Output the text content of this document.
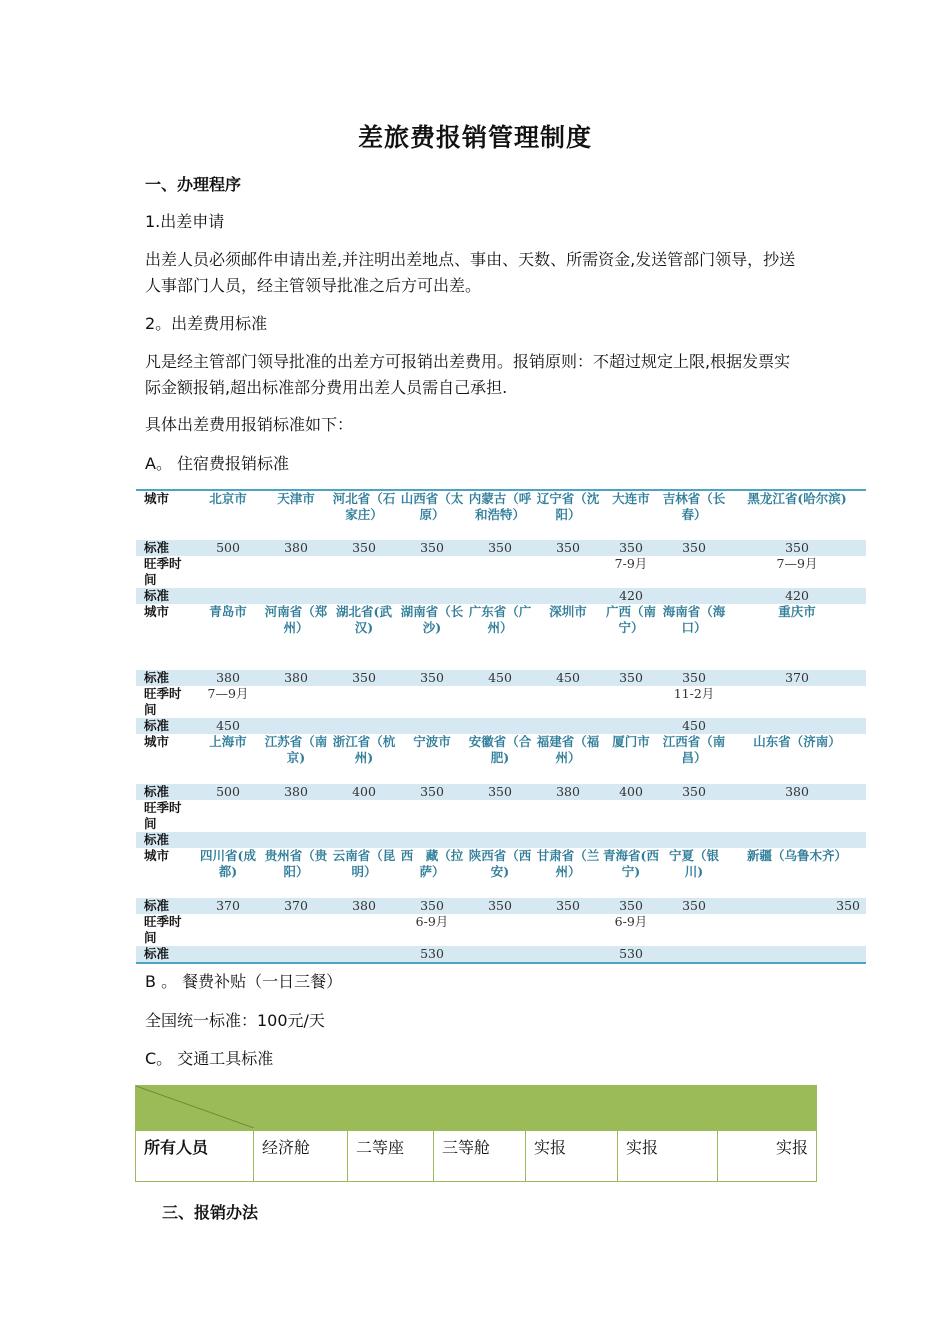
差旅费报销管理制度
一、办理程序
1.出差申请
出差人员必须邮件申请出差,并注明出差地点、事由、天数、所需资金,发送管部门领导，抄送人事部门人员，经主管领导批准之后方可出差。
2。出差费用标准
凡是经主管部门领导批准的出差方可报销出差费用。报销原则：不超过规定上限,根据发票实际金额报销,超出标准部分费用出差人员需自己承担.
具体出差费用报销标准如下：
A。 住宿费报销标准
城市	北京市	天津市	河北省（石家庄）	山西省（太原）	内蒙古（呼和浩特）	辽宁省（沈阳）	大连市	吉林省（长春）	黑龙江省(哈尔滨)
标准	500	380	350	350	350	350	350	350	350
旺季时间							7-9月		7—9月
标准							420		420
城市	青岛市	河南省（郑州）	湖北省(武汉)	湖南省（长沙)	广东省（广州）	深圳市	广西（南宁）	海南省（海口）	重庆市
标准	380	380	350	350	450	450	350	350	370
旺季时间	7—9月							11-2月	
标准	450							450	
城市	上海市	江苏省（南京)	浙江省（杭州)	宁波市	安徽省（合肥)	福建省（福州）	厦门市	江西省（南昌）	山东省（济南）
标准	500	380	400	350	350	380	400	350	380
旺季时间									
标准									
城市	四川省(成都)	贵州省（贵阳）	云南省（昆明）	西　藏（拉萨）	陕西省（西安)	甘肃省（兰州）	青海省(西宁)	宁夏（银川)	新疆（乌鲁木齐）
标准	370	370	380	350	350	350	350	350	350
旺季时间				6-9月			6-9月		
标准				530			530		
B 。 餐费补贴（一日三餐）
全国统一标准：100元/天
C。 交通工具标准

所有人员	经济舱	二等座	三等舱	实报	实报	实报
三、报销办法
